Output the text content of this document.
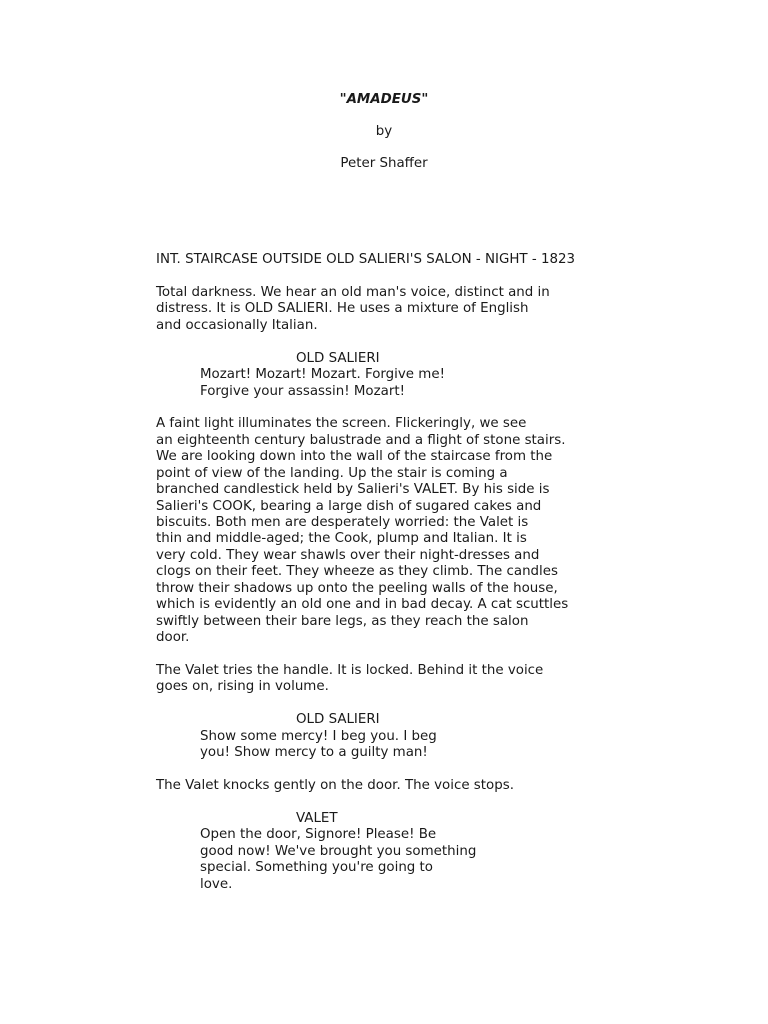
"AMADEUS"
by
Peter Shaffer
INT. STAIRCASE OUTSIDE OLD SALIERI'S SALON - NIGHT - 1823
Total darkness. We hear an old man's voice, distinct and in
distress. It is OLD SALIERI. He uses a mixture of English
and occasionally Italian.
OLD SALIERI
Mozart! Mozart! Mozart. Forgive me!
Forgive your assassin! Mozart!
A faint light illuminates the screen. Flickeringly, we see
an eighteenth century balustrade and a flight of stone stairs.
We are looking down into the wall of the staircase from the
point of view of the landing. Up the stair is coming a
branched candlestick held by Salieri's VALET. By his side is
Salieri's COOK, bearing a large dish of sugared cakes and
biscuits. Both men are desperately worried: the Valet is
thin and middle-aged; the Cook, plump and Italian. It is
very cold. They wear shawls over their night-dresses and
clogs on their feet. They wheeze as they climb. The candles
throw their shadows up onto the peeling walls of the house,
which is evidently an old one and in bad decay. A cat scuttles
swiftly between their bare legs, as they reach the salon
door.
The Valet tries the handle. It is locked. Behind it the voice
goes on, rising in volume.
OLD SALIERI
Show some mercy! I beg you. I beg
you! Show mercy to a guilty man!
The Valet knocks gently on the door. The voice stops.
VALET
Open the door, Signore! Please! Be
good now! We've brought you something
special. Something you're going to
love.
